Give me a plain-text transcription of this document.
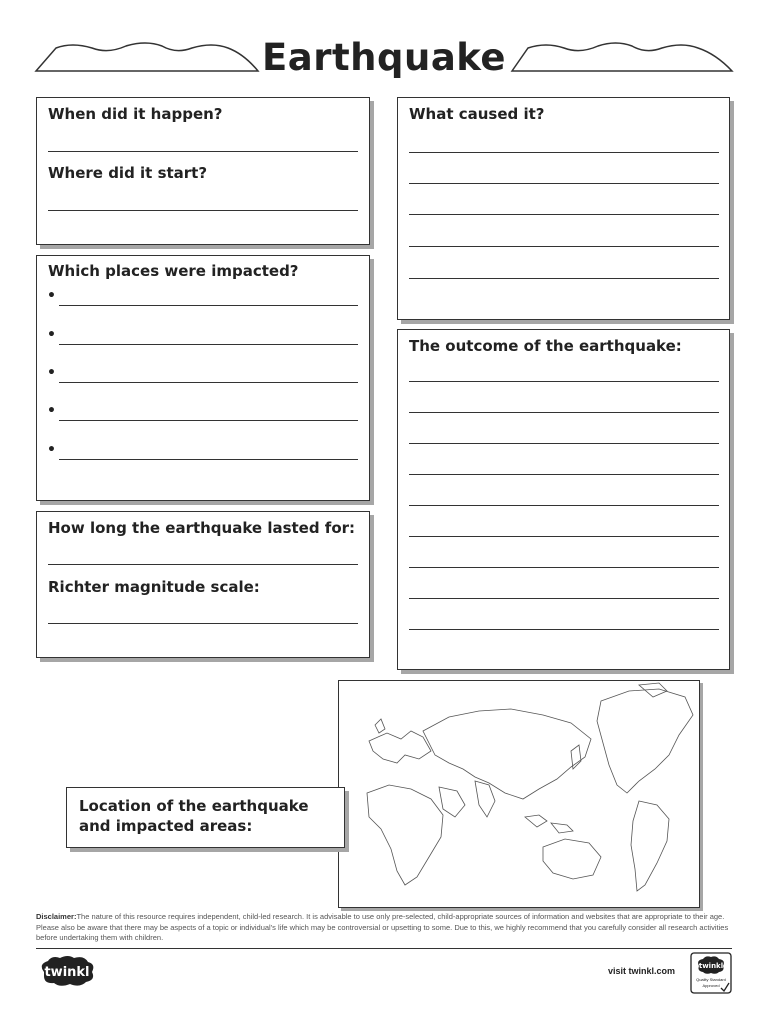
Earthquake
When did it happen?
Where did it start?
Which places were impacted?
•
•
•
•
•
How long the earthquake lasted for:
Richter magnitude scale:
What caused it?
The outcome of the earthquake:
Location of the earthquake
and impacted areas:
Disclaimer:The nature of this resource requires independent, child-led research. It is advisable to use only pre-selected, child-appropriate sources of information and websites that are appropriate to their age. Please also be aware that there may be aspects of a topic or individual's life which may be controversial or upsetting to some. Due to this, we highly recommend that you carefully consider all research activities before undertaking them with children.
twinkl	visit twinkl.com	twinkl
Quality Standard
Approved
